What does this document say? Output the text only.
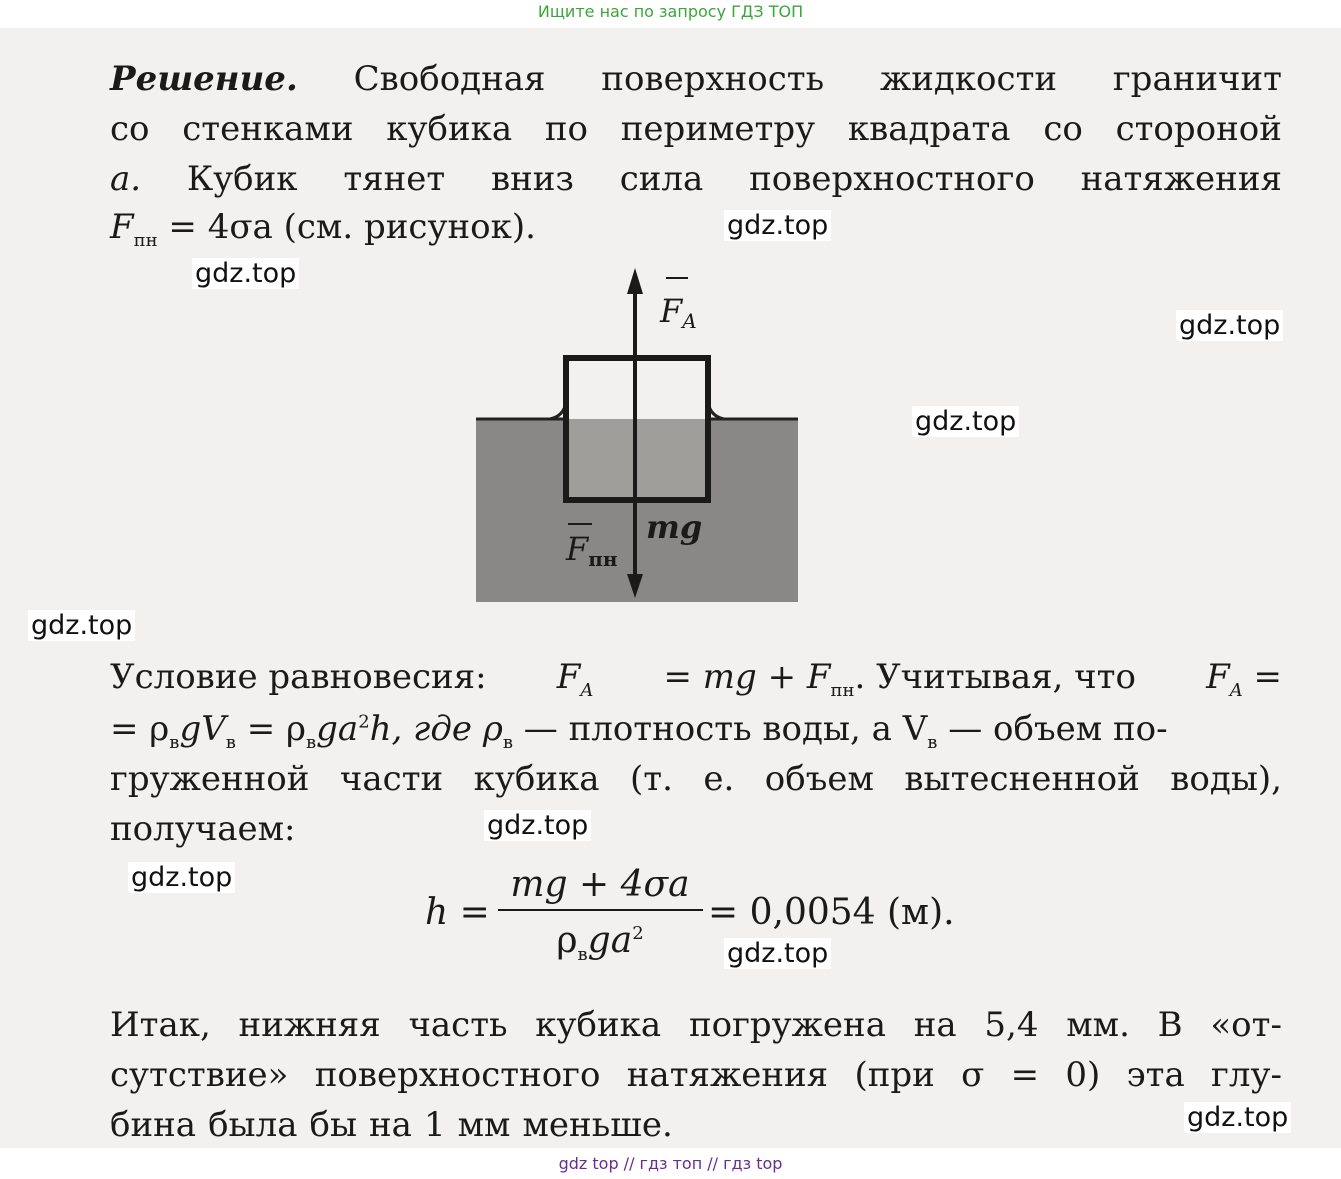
Ищите нас по запросу ГДЗ ТОП
Решение. Свободная поверхность жидкости граничит
со стенками кубика по периметру квадрата со стороной
a. Кубик тянет вниз сила поверхностного натяжения
$F_{пн} = 4\sigma a$ (см. рисунок).
FA
mg
Fпн
Условие равновесия: $F_A$ = mg + $F_{пн}$. Учитывая, что $F_A$ =
= $\rho_вgV_в = \rho_вga^2h$, где $\rho_в$ — плотность воды, а $V_в$ — объем по-
груженной части кубика (т. е. объем вытесненной воды),
получаем:
h =
mg + 4σa
$\rho_вga^2$
= 0,0054 (м).
Итак, нижняя часть кубика погружена на 5,4 мм. В «от-
сутствие» поверхностного натяжения (при σ = 0) эта глу-
бина была бы на 1 мм меньше.
gdz.top
gdz.top
gdz.top
gdz.top
gdz.top
gdz.top
gdz.top
gdz.top
gdz.top
gdz top // гдз топ // гдз top
